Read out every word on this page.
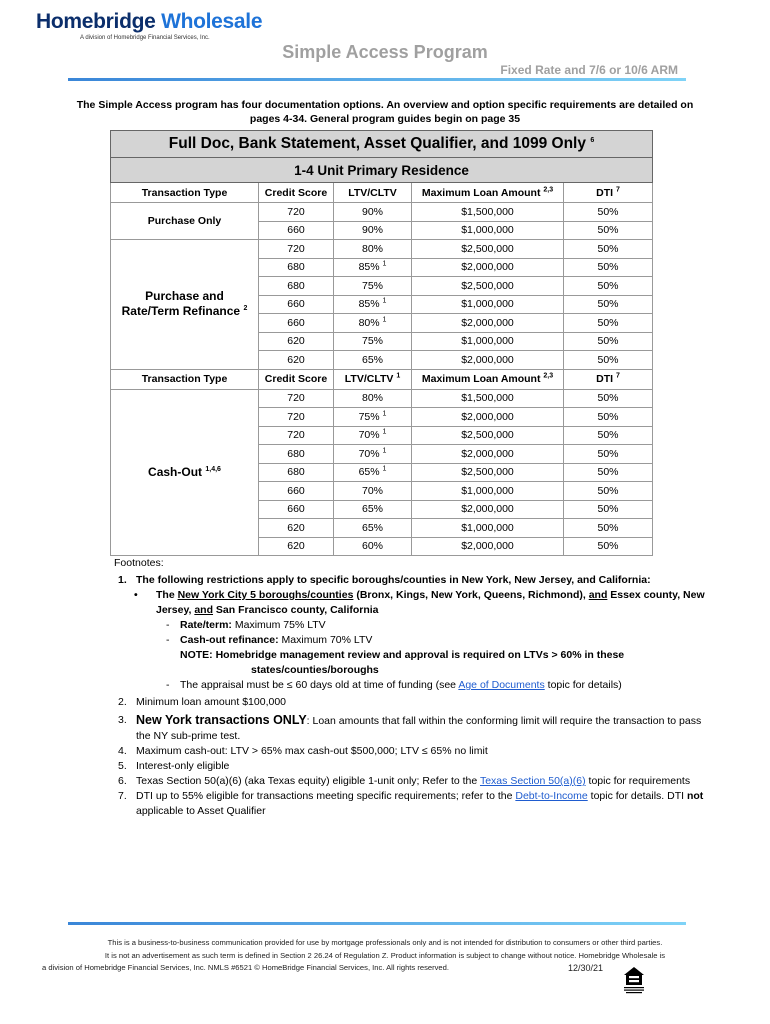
Homebridge Wholesale
A division of Homebridge Financial Services, Inc.
Simple Access Program
Fixed Rate and 7/6 or 10/6 ARM
The Simple Access program has four documentation options. An overview and option specific requirements are detailed on pages 4-34. General program guides begin on page 35
Full Doc, Bank Statement, Asset Qualifier, and 1099 Only $^6$
1-4 Unit Primary Residence				
Transaction Type	Credit Score	LTV/CLTV	Maximum Loan Amount $^{2,3}$	DTI $^7$
Purchase Only	720	90%	$1,500,000	50%
	660	90%	$1,000,000	50%

Purchase and
Rate/Term Refinance $^2$	720	80%	$2,500,000	50%
	680	85% $^1$	$2,000,000	50%
	680	75%	$2,500,000	50%
	660	85% $^1$	$1,000,000	50%
	660	80% $^1$	$2,000,000	50%
	620	75%	$1,000,000	50%
	620	65%	$2,000,000	50%
Transaction Type	Credit Score	LTV/CLTV $^1$	Maximum Loan Amount $^{2,3}$	DTI $^7$
Cash-Out $^{1,4,6}$	720	80%	$1,500,000	50%
	720	75% $^1$	$2,000,000	50%
	720	70% $^1$	$2,500,000	50%
	680	70% $^1$	$2,000,000	50%
	680	65% $^1$	$2,500,000	50%
	660	70%	$1,000,000	50%
	660	65%	$2,000,000	50%
	620	65%	$1,000,000	50%
	620	60%	$2,000,000	50%
Footnotes:
1. The following restrictions apply to specific boroughs/counties in New York, New Jersey, and California:
• The New York City 5 boroughs/counties (Bronx, Kings, New York, Queens, Richmond), and Essex county, New Jersey, and San Francisco county, California
- Rate/term: Maximum 75% LTV
- Cash-out refinance: Maximum 70% LTV
NOTE: Homebridge management review and approval is required on LTVs > 60% in these
states/counties/boroughs
- The appraisal must be ≤ 60 days old at time of funding (see Age of Documents topic for details)
2. Minimum loan amount $100,000
3. New York transactions ONLY: Loan amounts that fall within the conforming limit will require the transaction to pass the NY sub-prime test.
4. Maximum cash-out: LTV > 65% max cash-out $500,000; LTV ≤ 65% no limit
5. Interest-only eligible
6. Texas Section 50(a)(6) (aka Texas equity) eligible 1-unit only; Refer to the Texas Section 50(a)(6) topic for requirements
7. DTI up to 55% eligible for transactions meeting specific requirements; refer to the Debt-to-Income topic for details. DTI not applicable to Asset Qualifier
This is a business-to-business communication provided for use by mortgage professionals only and is not intended for distribution to consumers or other third parties.
It is not an advertisement as such term is defined in Section 2 26.24 of Regulation Z. Product information is subject to change without notice. Homebridge Wholesale is
a division of Homebridge Financial Services, Inc. NMLS #6521 © HomeBridge Financial Services, Inc. All rights reserved.	12/30/21
